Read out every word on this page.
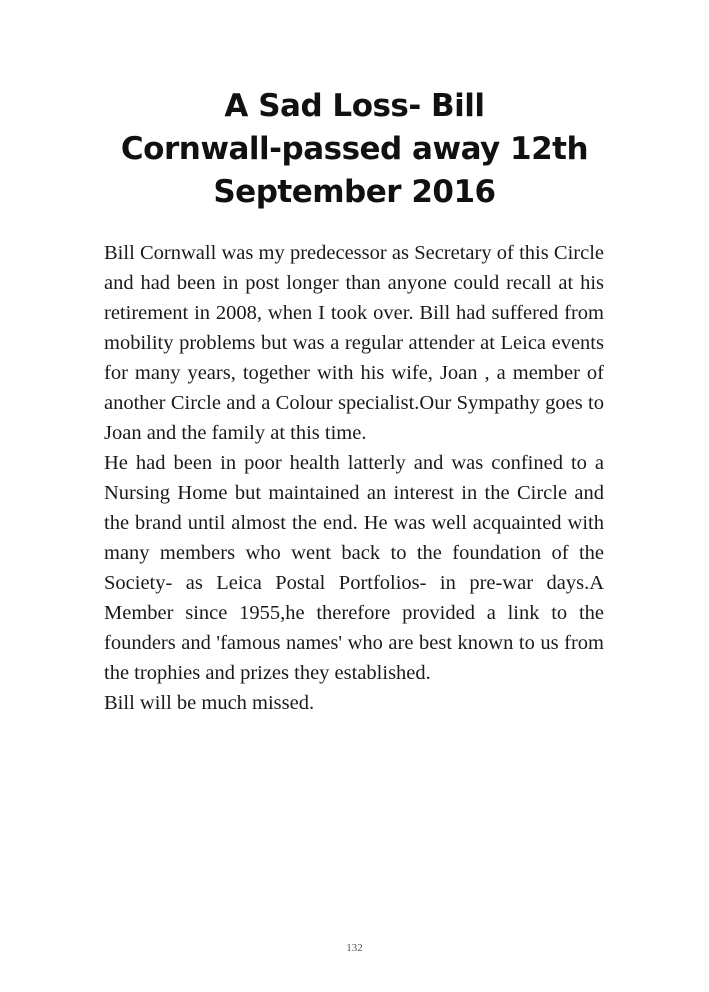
A Sad Loss- Bill
Cornwall-passed away 12th
September 2016

Bill Cornwall was my predecessor as Secretary of this Circle and had been in post longer than anyone could recall at his retirement in 2008, when I took over. Bill had suffered from mobility problems but was a regular attender at Leica events for many years, together with his wife, Joan , a member of another Circle and a Colour specialist.Our Sympathy goes to Joan and the family at this time.

He had been in poor health latterly and was confined to a Nursing Home but maintained an interest in the Circle and the brand until almost the end. He was well acquainted with many members who went back to the foundation of the Society- as Leica Postal Portfolios- in pre-war days.A Member since 1955,he therefore provided a link to the founders and 'famous names' who are best known to us from the trophies and prizes they established.

Bill will be much missed.

132
